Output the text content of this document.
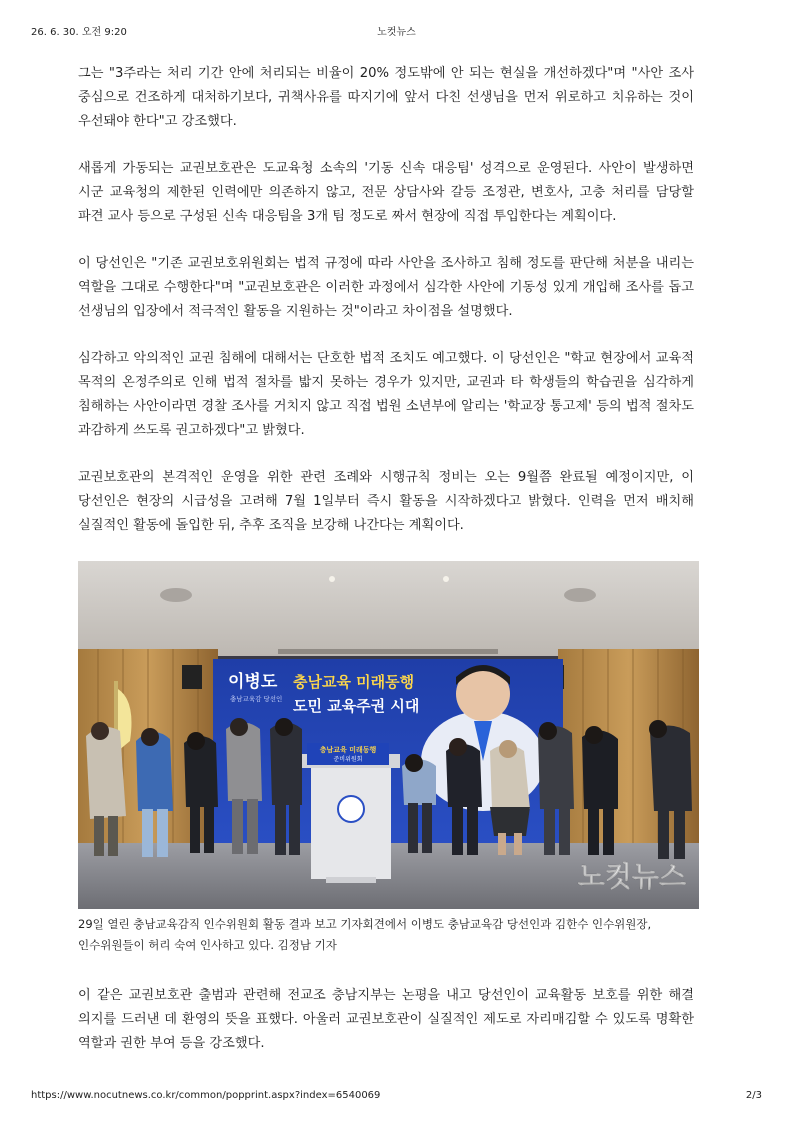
26. 6. 30. 오전 9:20	노컷뉴스

그는 "3주라는 처리 기간 안에 처리되는 비율이 20% 정도밖에 안 되는 현실을 개선하겠다"며 "사안 조사 중심으로 건조하게 대처하기보다, 귀책사유를 따지기에 앞서 다친 선생님을 먼저 위로하고 치유하는 것이 우선돼야 한다"고 강조했다.

새롭게 가동되는 교권보호관은 도교육청 소속의 '기동 신속 대응팀' 성격으로 운영된다. 사안이 발생하면 시군 교육청의 제한된 인력에만 의존하지 않고, 전문 상담사와 갈등 조정관, 변호사, 고충 처리를 담당할 파견 교사 등으로 구성된 신속 대응팀을 3개 팀 정도로 짜서 현장에 직접 투입한다는 계획이다.

이 당선인은 "기존 교권보호위원회는 법적 규정에 따라 사안을 조사하고 침해 정도를 판단해 처분을 내리는 역할을 그대로 수행한다"며 "교권보호관은 이러한 과정에서 심각한 사안에 기동성 있게 개입해 조사를 돕고 선생님의 입장에서 적극적인 활동을 지원하는 것"이라고 차이점을 설명했다.

심각하고 악의적인 교권 침해에 대해서는 단호한 법적 조치도 예고했다. 이 당선인은 "학교 현장에서 교육적 목적의 온정주의로 인해 법적 절차를 밟지 못하는 경우가 있지만, 교권과 타 학생들의 학습권을 심각하게 침해하는 사안이라면 경찰 조사를 거치지 않고 직접 법원 소년부에 알리는 '학교장 통고제' 등의 법적 절차도 과감하게 쓰도록 권고하겠다"고 밝혔다.

교권보호관의 본격적인 운영을 위한 관련 조례와 시행규칙 정비는 오는 9월쯤 완료될 예정이지만, 이 당선인은 현장의 시급성을 고려해 7월 1일부터 즉시 활동을 시작하겠다고 밝혔다. 인력을 먼저 배치해 실질적인 활동에 돌입한 뒤, 추후 조직을 보강해 나간다는 계획이다.

이병도
충남교육감 당선인
충남교육 미래동행
도민 교육주권 시대
충남교육 미래동행
준비위원회
노컷뉴스

29일 열린 충남교육감직 인수위원회 활동 결과 보고 기자회견에서 이병도 충남교육감 당선인과 김한수 인수위원장, 인수위원들이 허리 숙여 인사하고 있다. 김정남 기자

이 같은 교권보호관 출범과 관련해 전교조 충남지부는 논평을 내고 당선인이 교육활동 보호를 위한 해결 의지를 드러낸 데 환영의 뜻을 표했다. 아울러 교권보호관이 실질적인 제도로 자리매김할 수 있도록 명확한 역할과 권한 부여 등을 강조했다.

https://www.nocutnews.co.kr/common/popprint.aspx?index=6540069	2/3
